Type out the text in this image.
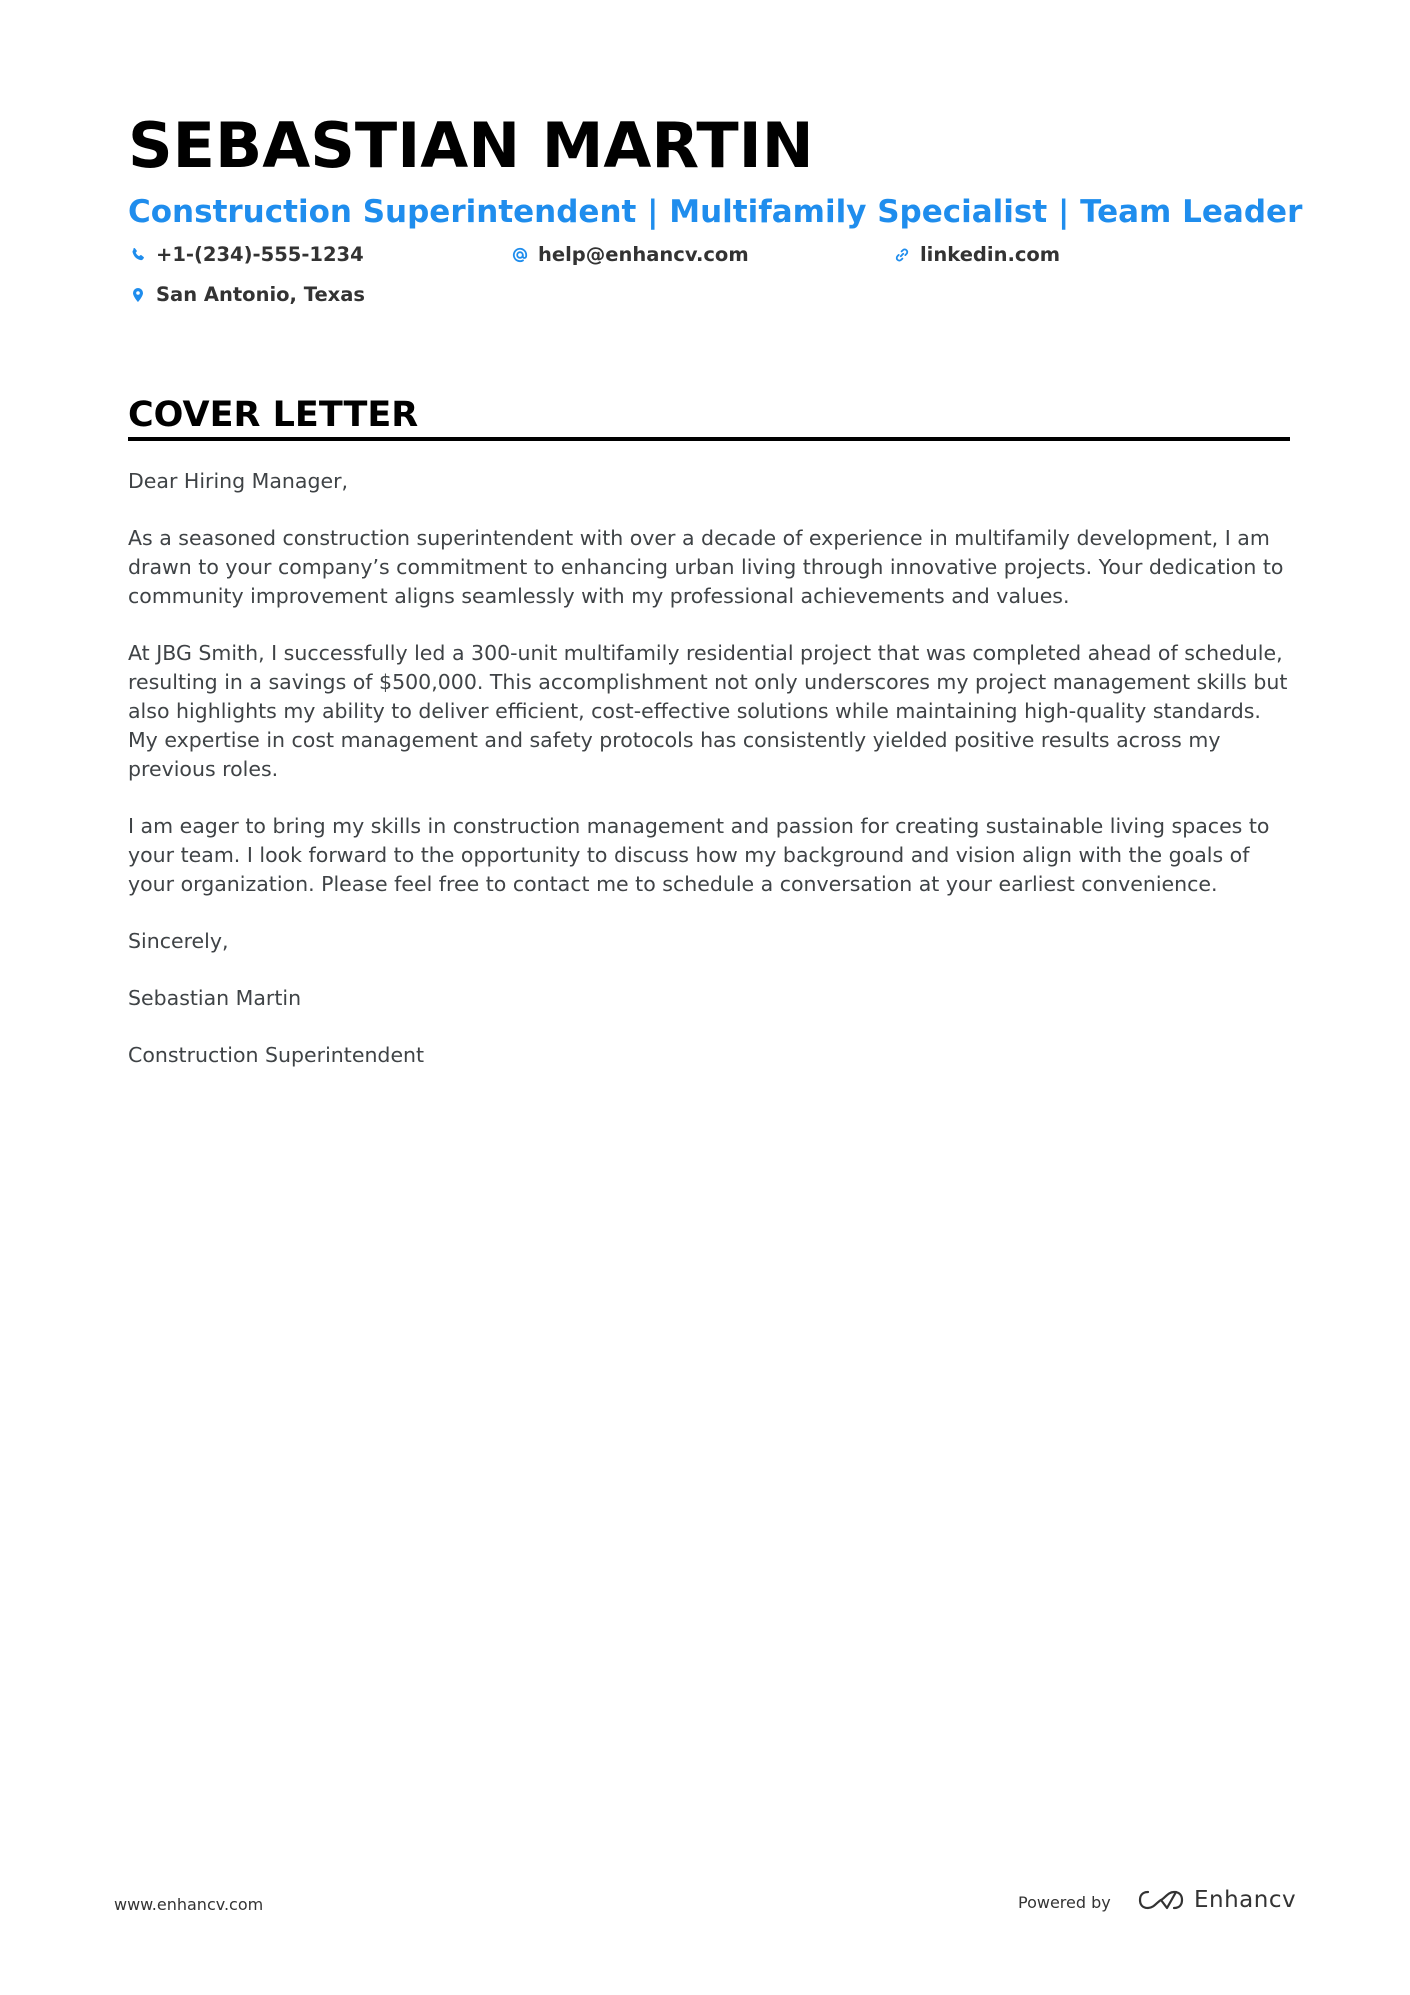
SEBASTIAN MARTIN
Construction Superintendent | Multifamily Specialist | Team Leader
+1-(234)-555-1234	help@enhancv.com	linkedin.com
San Antonio, Texas
COVER LETTER

Dear Hiring Manager,

As a seasoned construction superintendent with over a decade of experience in multifamily development, I am drawn to your company’s commitment to enhancing urban living through innovative projects. Your dedication to community improvement aligns seamlessly with my professional achievements and values.

At JBG Smith, I successfully led a 300-unit multifamily residential project that was completed ahead of schedule, resulting in a savings of $500,000. This accomplishment not only underscores my project management skills but also highlights my ability to deliver efficient, cost-effective solutions while maintaining high-quality standards. My expertise in cost management and safety protocols has consistently yielded positive results across my previous roles.

I am eager to bring my skills in construction management and passion for creating sustainable living spaces to your team. I look forward to the opportunity to discuss how my background and vision align with the goals of your organization. Please feel free to contact me to schedule a conversation at your earliest convenience.

Sincerely,

Sebastian Martin

Construction Superintendent

www.enhancv.com	Powered by	Enhancv
